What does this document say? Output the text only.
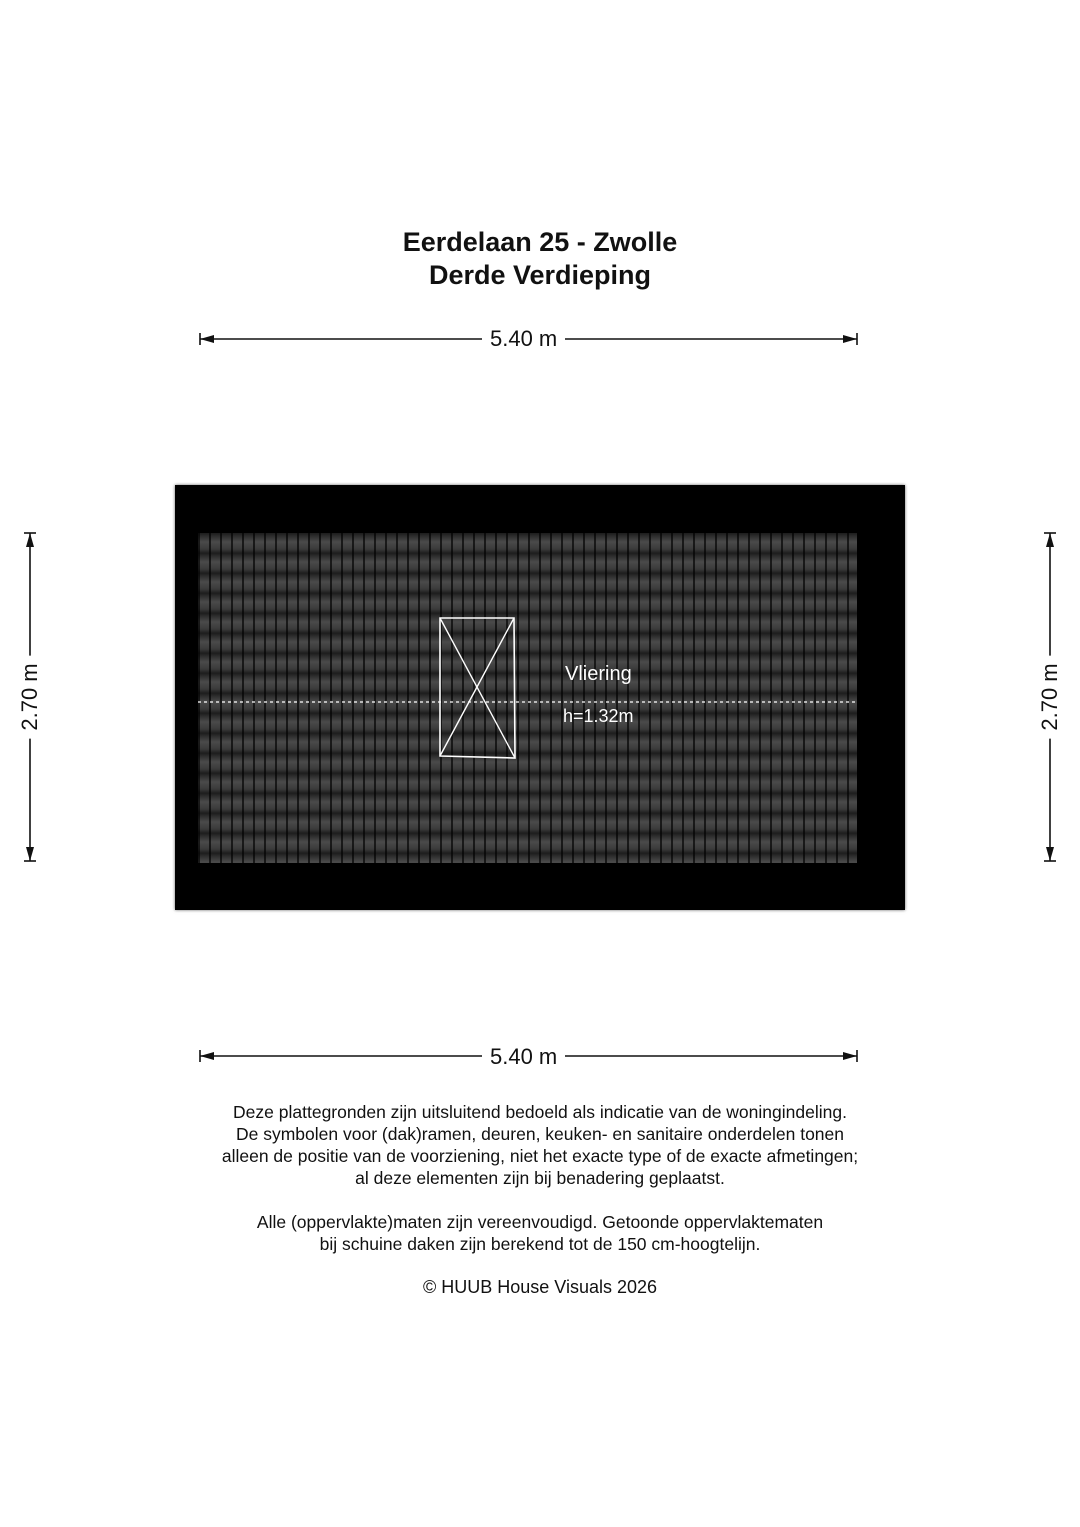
Eerdelaan 25 - Zwolle
Derde Verdieping
5.40 m
5.40 m
2.70 m	2.70 m
Vliering
h=1.32m
Deze plattegronden zijn uitsluitend bedoeld als indicatie van de woningindeling.
De symbolen voor (dak)ramen, deuren, keuken- en sanitaire onderdelen tonen
alleen de positie van de voorziening, niet het exacte type of de exacte afmetingen;
al deze elementen zijn bij benadering geplaatst.
Alle (oppervlakte)maten zijn vereenvoudigd. Getoonde oppervlaktematen
bij schuine daken zijn berekend tot de 150 cm-hoogtelijn.
© HUUB House Visuals 2026
